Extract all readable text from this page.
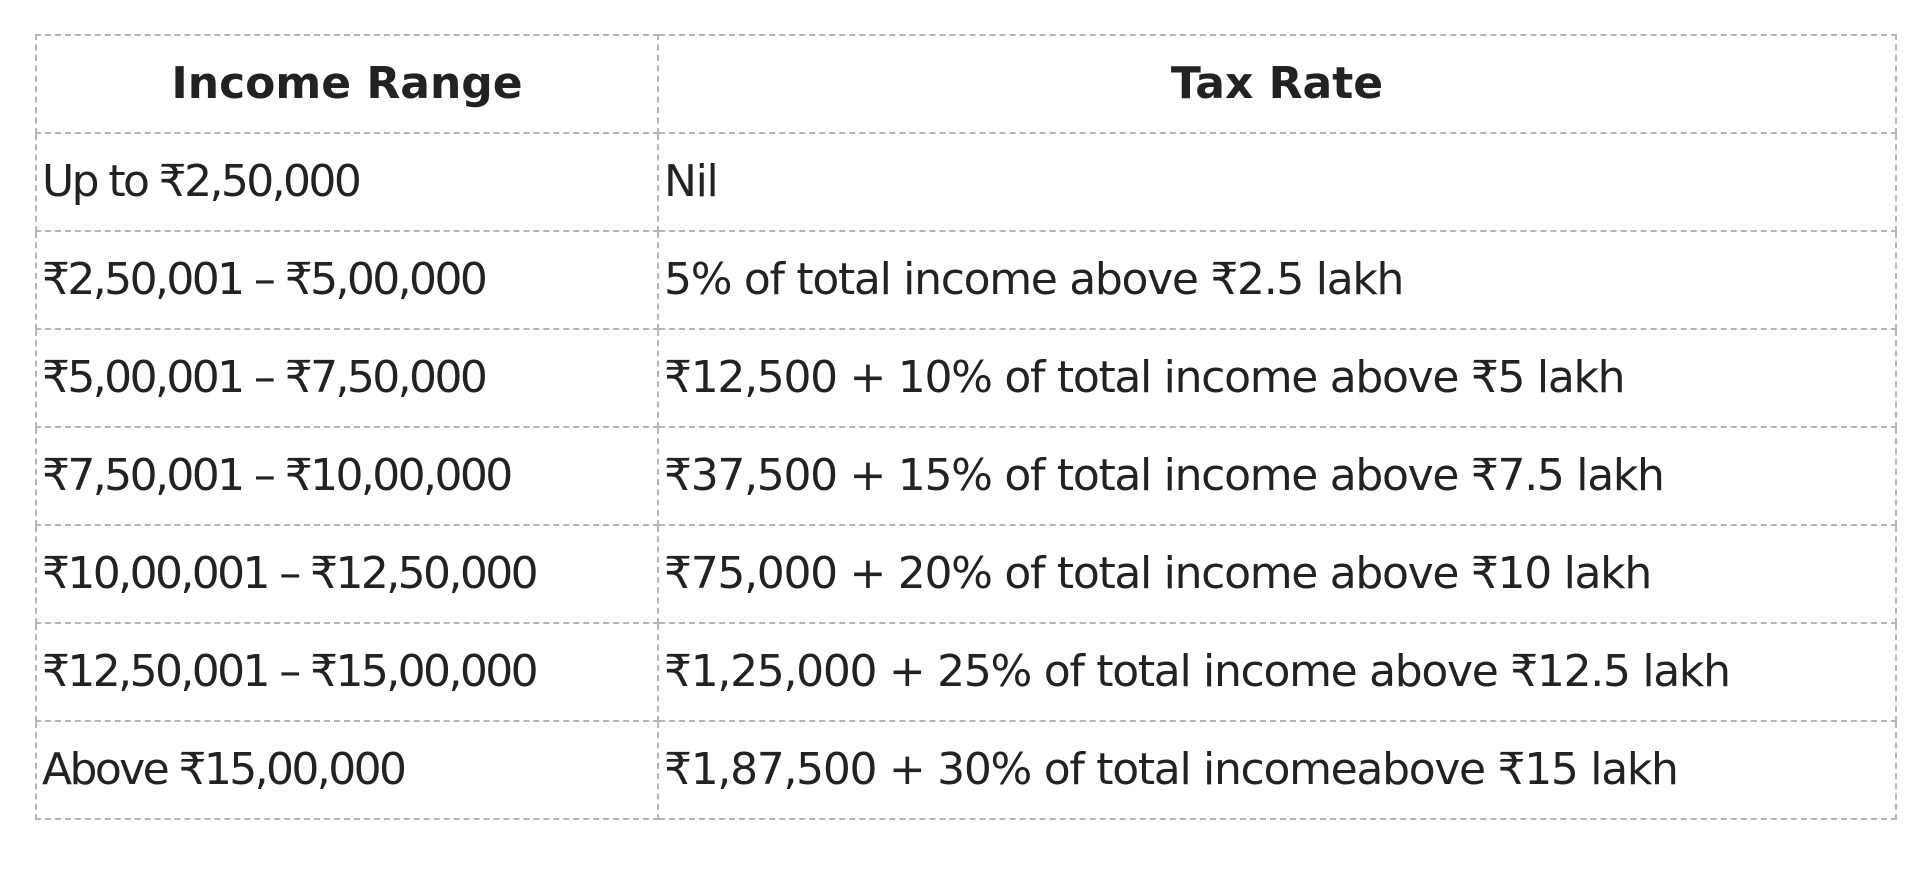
Income Range	Tax Rate
Up to ₹2,50,000	Nil
₹2,50,001 – ₹5,00,000	5% of total income above ₹2.5 lakh
₹5,00,001 – ₹7,50,000	₹12,500 + 10% of total income above ₹5 lakh
₹7,50,001 – ₹10,00,000	₹37,500 + 15% of total income above ₹7.5 lakh
₹10,00,001 – ₹12,50,000	₹75,000 + 20% of total income above ₹10 lakh
₹12,50,001 – ₹15,00,000	₹1,25,000 + 25% of total income above ₹12.5 lakh
Above ₹15,00,000	₹1,87,500 + 30% of total incomeabove ₹15 lakh
